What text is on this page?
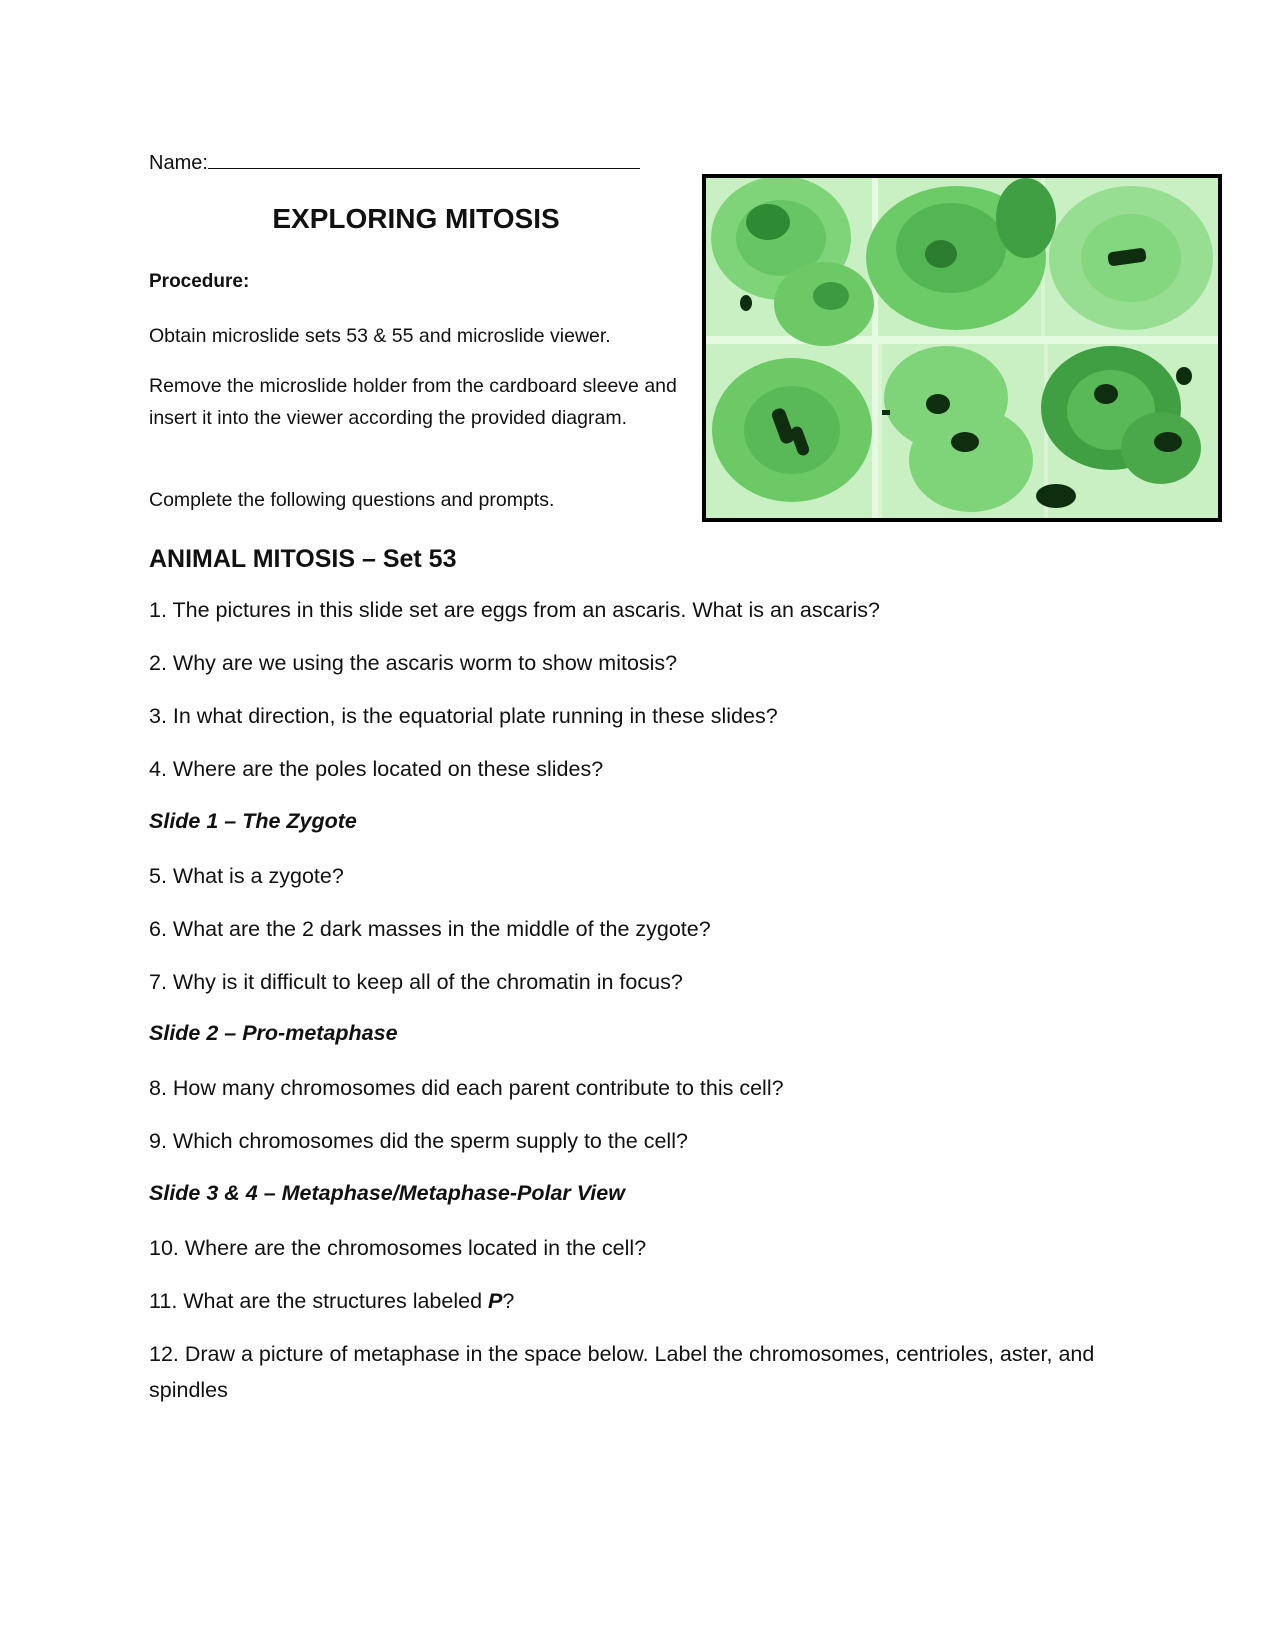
Name:
EXPLORING MITOSIS
Procedure:
Obtain microslide sets 53 & 55 and microslide viewer.
Remove the microslide holder from the cardboard sleeve and insert it into the viewer according the provided diagram.
Complete the following questions and prompts.
ANIMAL MITOSIS – Set 53
1. The pictures in this slide set are eggs from an ascaris. What is an ascaris?
2. Why are we using the ascaris worm to show mitosis?
3. In what direction, is the equatorial plate running in these slides?
4. Where are the poles located on these slides?
Slide 1 – The Zygote
5. What is a zygote?
6. What are the 2 dark masses in the middle of the zygote?
7. Why is it difficult to keep all of the chromatin in focus?
Slide 2 – Pro-metaphase
8. How many chromosomes did each parent contribute to this cell?
9. Which chromosomes did the sperm supply to the cell?
Slide 3 & 4 – Metaphase/Metaphase-Polar View
10. Where are the chromosomes located in the cell?
11. What are the structures labeled P?
12. Draw a picture of metaphase in the space below. Label the chromosomes, centrioles, aster, and spindles
